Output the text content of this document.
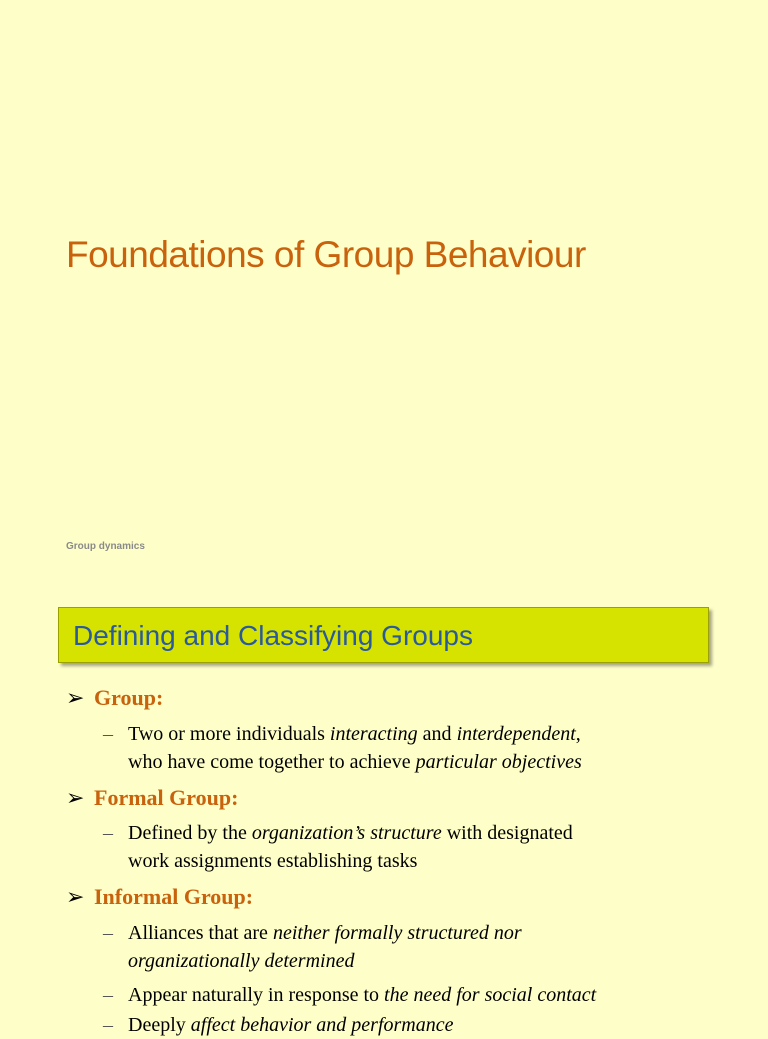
Foundations of Group Behaviour
Group dynamics
Defining and Classifying Groups
➢ Group:
– Two or more individuals interacting and interdependent,
who have come together to achieve particular objectives
➢ Formal Group:
– Defined by the organization’s structure with designated
work assignments establishing tasks
➢ Informal Group:
– Alliances that are neither formally structured nor
organizationally determined
– Appear naturally in response to the need for social contact
– Deeply affect behavior and performance
